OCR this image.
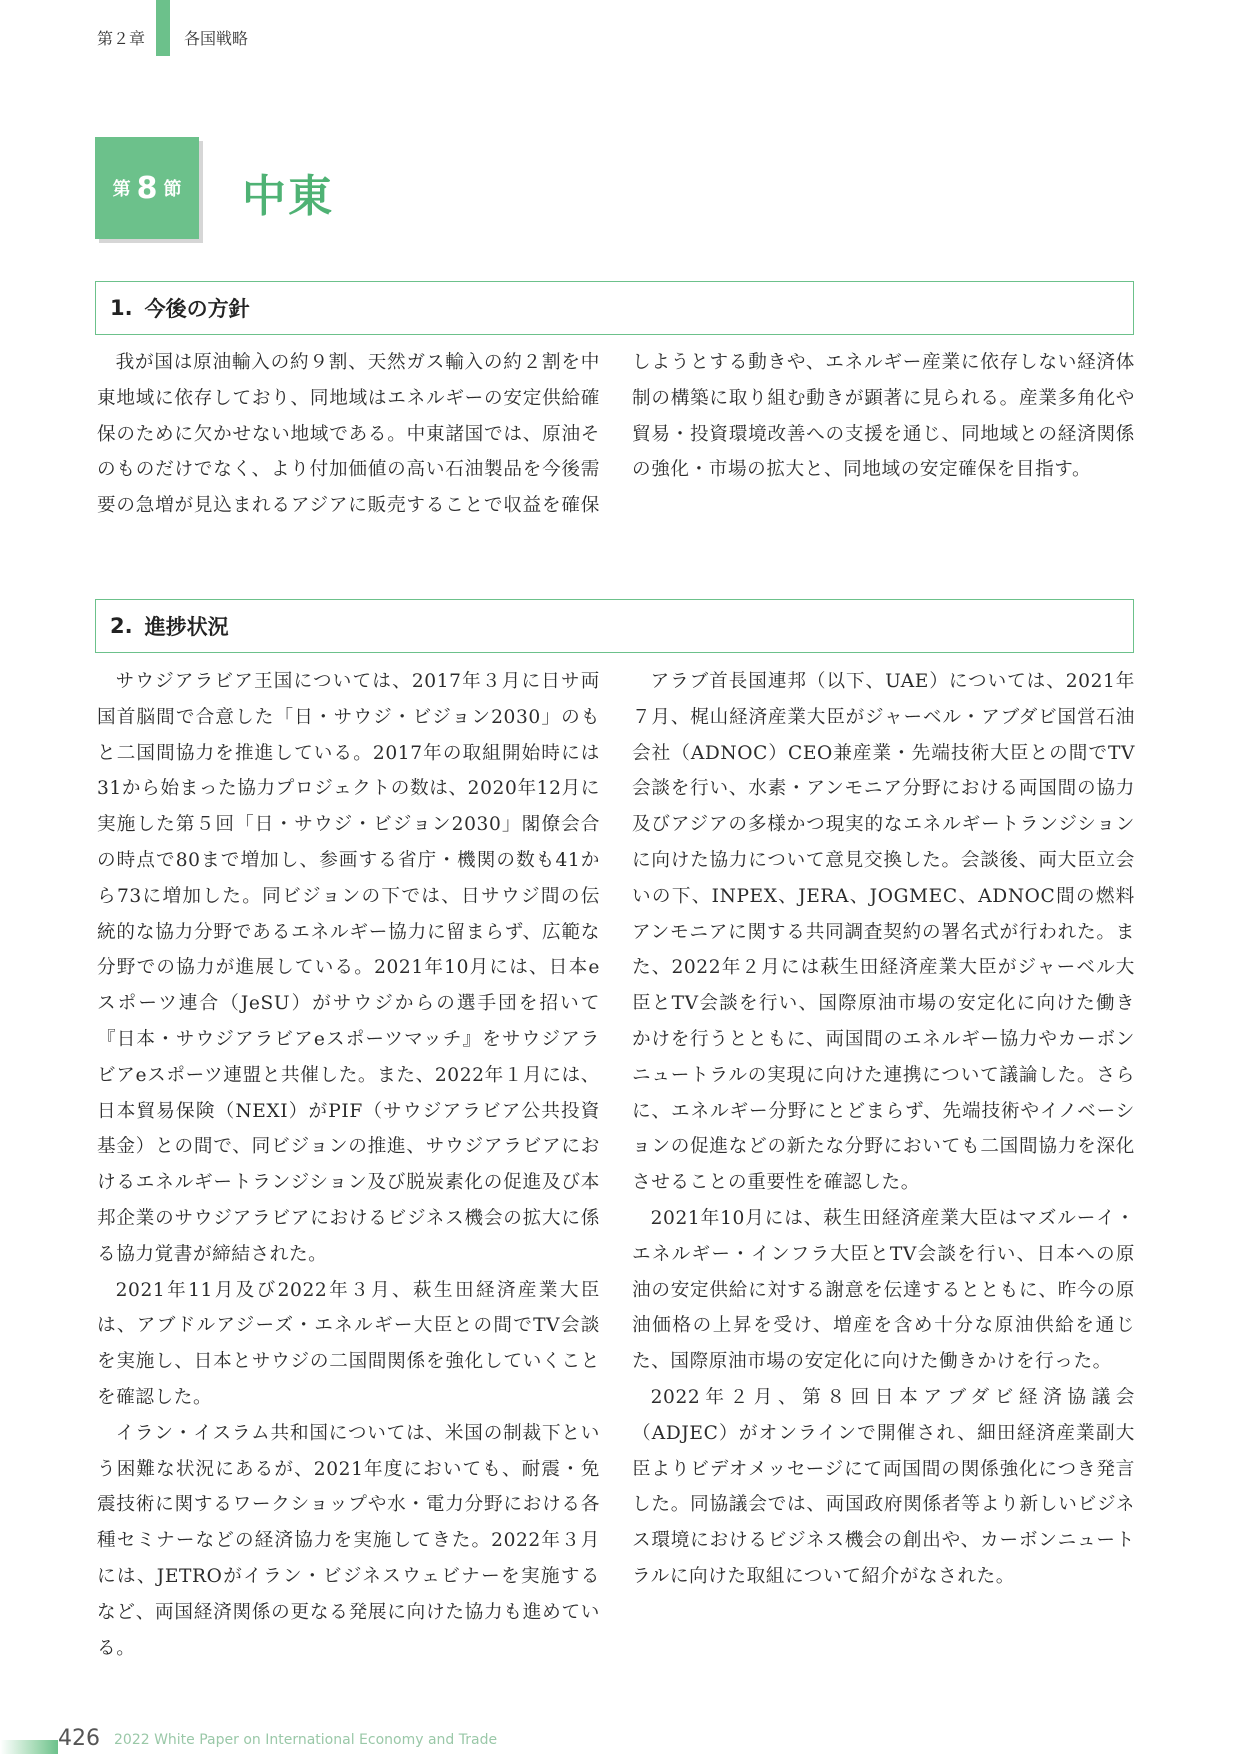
第２章 各国戦略
第 8 節 中東
1. 今後の方針

我が国は原油輸入の約９割、天然ガス輸入の約２割を中東地域に依存しており、同地域はエネルギーの安定供給確保のために欠かせない地域である。中東諸国では、原油そのものだけでなく、より付加価値の高い石油製品を今後需要の急増が見込まれるアジアに販売することで収益を確保

しようとする動きや、エネルギー産業に依存しない経済体制の構築に取り組む動きが顕著に見られる。産業多角化や貿易・投資環境改善への支援を通じ、同地域との経済関係の強化・市場の拡大と、同地域の安定確保を目指す。

2. 進捗状況

サウジアラビア王国については、2017年３月に日サ両国首脳間で合意した「日・サウジ・ビジョン2030」のもと二国間協力を推進している。2017年の取組開始時には31から始まった協力プロジェクトの数は、2020年12月に実施した第５回「日・サウジ・ビジョン2030」閣僚会合の時点で80まで増加し、参画する省庁・機関の数も41から73に増加した。同ビジョンの下では、日サウジ間の伝統的な協力分野であるエネルギー協力に留まらず、広範な分野での協力が進展している。2021年10月には、日本eスポーツ連合（JeSU）がサウジからの選手団を招いて『日本・サウジアラビアeスポーツマッチ』をサウジアラビアeスポーツ連盟と共催した。また、2022年１月には、日本貿易保険（NEXI）がPIF（サウジアラビア公共投資基金）との間で、同ビジョンの推進、サウジアラビアにおけるエネルギートランジション及び脱炭素化の促進及び本邦企業のサウジアラビアにおけるビジネス機会の拡大に係る協力覚書が締結された。

2021年11月及び2022年３月、萩生田経済産業大臣は、アブドルアジーズ・エネルギー大臣との間でTV会談を実施し、日本とサウジの二国間関係を強化していくことを確認した。

イラン・イスラム共和国については、米国の制裁下という困難な状況にあるが、2021年度においても、耐震・免震技術に関するワークショップや水・電力分野における各種セミナーなどの経済協力を実施してきた。2022年３月には、JETROがイラン・ビジネスウェビナーを実施するなど、両国経済関係の更なる発展に向けた協力も進めている。

アラブ首長国連邦（以下、UAE）については、2021年７月、梶山経済産業大臣がジャーベル・アブダビ国営石油会社（ADNOC）CEO兼産業・先端技術大臣との間でTV会談を行い、水素・アンモニア分野における両国間の協力及びアジアの多様かつ現実的なエネルギートランジションに向けた協力について意見交換した。会談後、両大臣立会いの下、INPEX、JERA、JOGMEC、ADNOC間の燃料アンモニアに関する共同調査契約の署名式が行われた。また、2022年２月には萩生田経済産業大臣がジャーベル大臣とTV会談を行い、国際原油市場の安定化に向けた働きかけを行うとともに、両国間のエネルギー協力やカーボンニュートラルの実現に向けた連携について議論した。さらに、エネルギー分野にとどまらず、先端技術やイノベーションの促進などの新たな分野においても二国間協力を深化させることの重要性を確認した。

2021年10月には、萩生田経済産業大臣はマズルーイ・エネルギー・インフラ大臣とTV会談を行い、日本への原油の安定供給に対する謝意を伝達するとともに、昨今の原油価格の上昇を受け、増産を含め十分な原油供給を通じた、国際原油市場の安定化に向けた働きかけを行った。

2022年２月、第８回日本アブダビ経済協議会（ADJEC）がオンラインで開催され、細田経済産業副大臣よりビデオメッセージにて両国間の関係強化につき発言した。同協議会では、両国政府関係者等より新しいビジネス環境におけるビジネス機会の創出や、カーボンニュートラルに向けた取組について紹介がなされた。

426 2022 White Paper on International Economy and Trade
